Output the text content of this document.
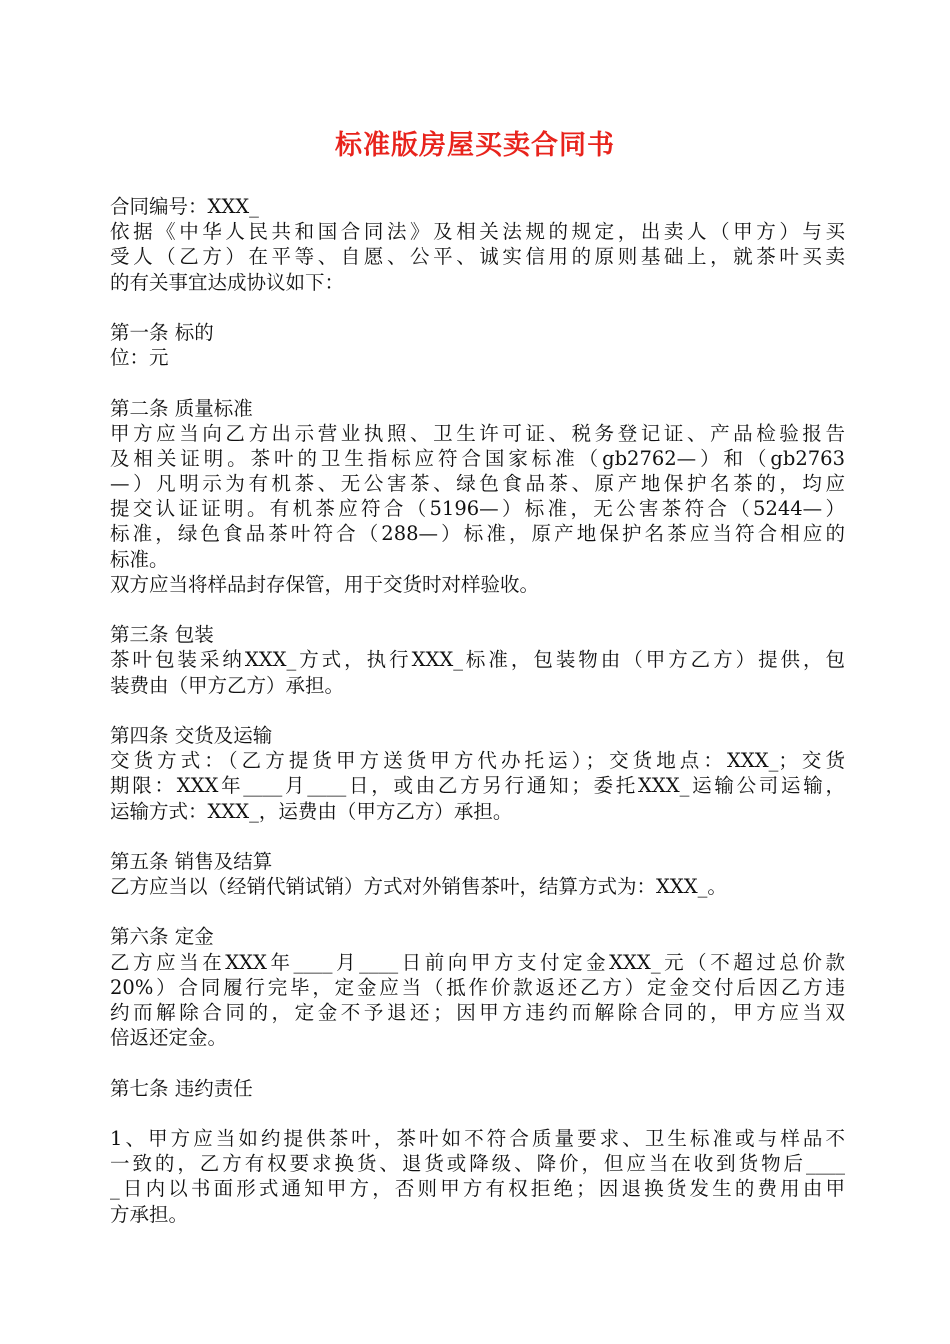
标准版房屋买卖合同书
合同编号：XXX_
依据《中华人民共和国合同法》及相关法规的规定，出卖人（甲方）与买
受人（乙方）在平等、自愿、公平、诚实信用的原则基础上，就茶叶买卖
的有关事宜达成协议如下：
第一条 标的
位：元
第二条 质量标准
甲方应当向乙方出示营业执照、卫生许可证、税务登记证、产品检验报告
及相关证明。茶叶的卫生指标应符合国家标准（gb2762—）和（gb2763
—）凡明示为有机茶、无公害茶、绿色食品茶、原产地保护名茶的，均应
提交认证证明。有机茶应符合（5196—）标准，无公害茶符合（5244—）
标准，绿色食品茶叶符合（288—）标准，原产地保护名茶应当符合相应的
标准。
双方应当将样品封存保管，用于交货时对样验收。
第三条 包装
茶叶包装采纳XXX_方式，执行XXX_标准，包装物由（甲方乙方）提供，包
装费由（甲方乙方）承担。
第四条 交货及运输
交货方式：（乙方提货甲方送货甲方代办托运）；交货地点：XXX_；交货
期限：XXX年____月____日，或由乙方另行通知；委托XXX_运输公司运输，
运输方式：XXX_，运费由（甲方乙方）承担。
第五条 销售及结算
乙方应当以（经销代销试销）方式对外销售茶叶，结算方式为：XXX_。
第六条 定金
乙方应当在XXX年____月____日前向甲方支付定金XXX_元（不超过总价款
20%）合同履行完毕，定金应当（抵作价款返还乙方）定金交付后因乙方违
约而解除合同的，定金不予退还；因甲方违约而解除合同的，甲方应当双
倍返还定金。
第七条 违约责任
1、甲方应当如约提供茶叶，茶叶如不符合质量要求、卫生标准或与样品不
一致的，乙方有权要求换货、退货或降级、降价，但应当在收到货物后____
_日内以书面形式通知甲方，否则甲方有权拒绝；因退换货发生的费用由甲
方承担。
